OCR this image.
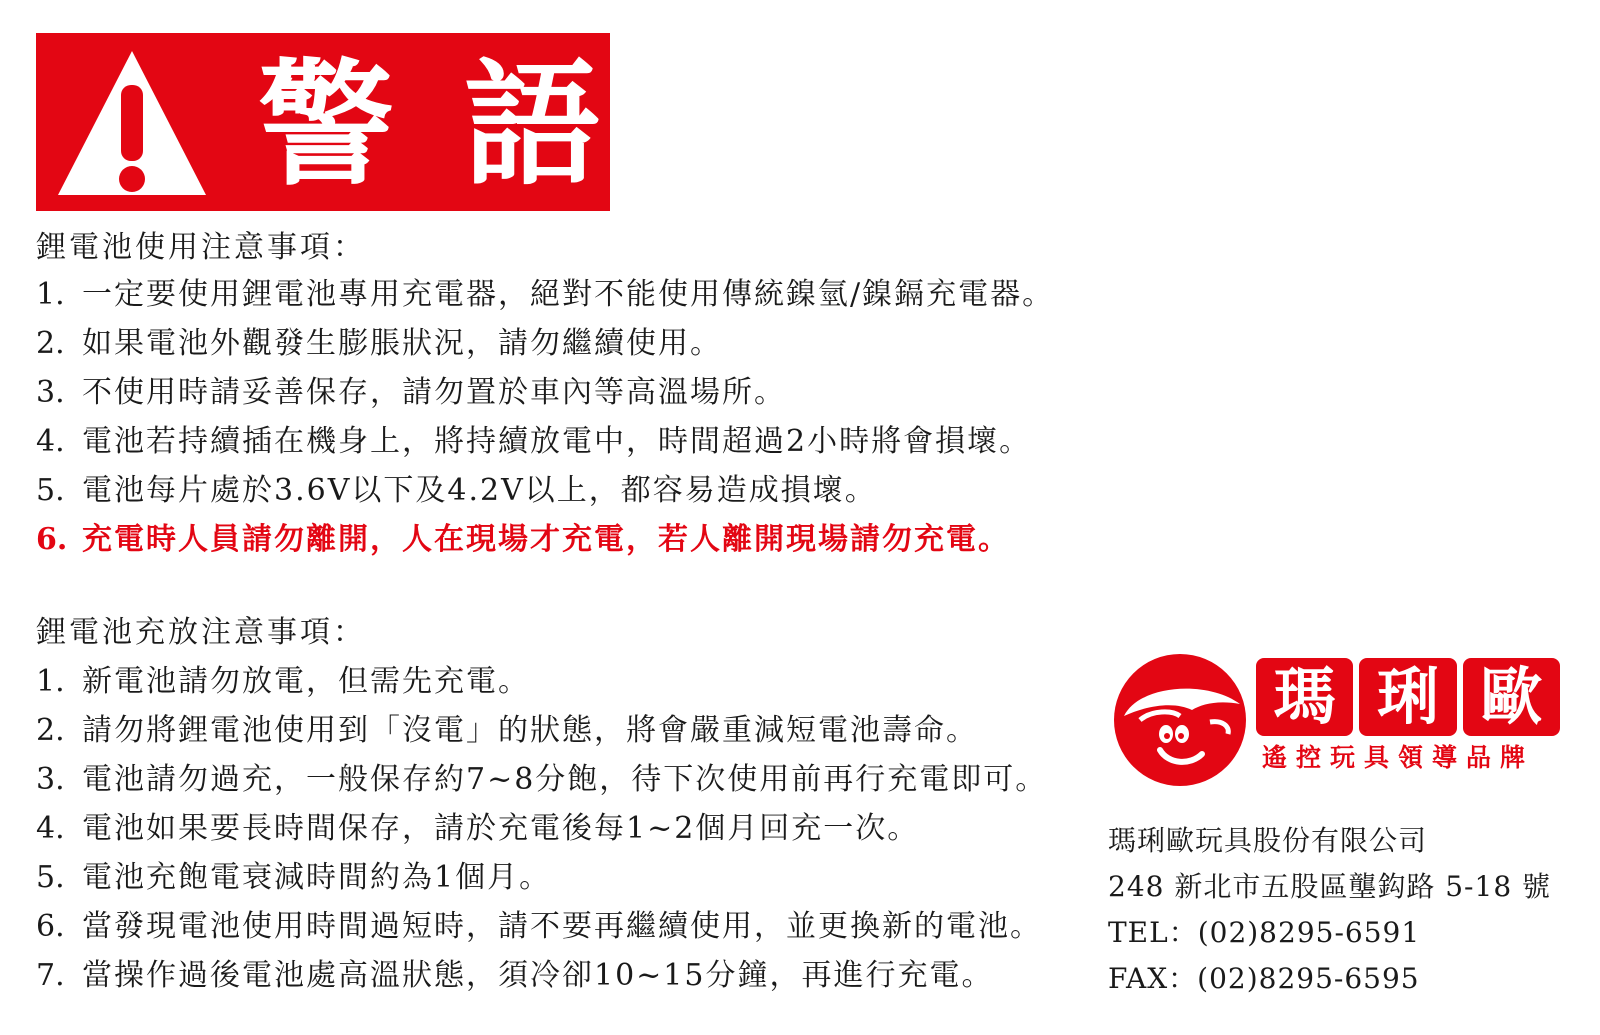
警語
鋰電池使用注意事項：
1. 一定要使用鋰電池專用充電器，絕對不能使用傳統鎳氫/鎳鎘充電器。
2. 如果電池外觀發生膨脹狀況，請勿繼續使用。
3. 不使用時請妥善保存，請勿置於車內等高溫場所。
4. 電池若持續插在機身上，將持續放電中，時間超過2小時將會損壞。
5. 電池每片處於3.6V以下及4.2V以上，都容易造成損壞。
6. 充電時人員請勿離開，人在現場才充電，若人離開現場請勿充電。
鋰電池充放注意事項：
1. 新電池請勿放電，但需先充電。
2. 請勿將鋰電池使用到「沒電」的狀態，將會嚴重減短電池壽命。
3. 電池請勿過充，一般保存約7~8分飽，待下次使用前再行充電即可。
4. 電池如果要長時間保存，請於充電後每1~2個月回充一次。
5. 電池充飽電衰減時間約為1個月。
6. 當發現電池使用時間過短時，請不要再繼續使用，並更換新的電池。
7. 當操作過後電池處高溫狀態，須冷卻10~15分鐘，再進行充電。
瑪 琍 歐
遙控玩具領導品牌
瑪琍歐玩具股份有限公司
248 新北市五股區壟鈎路 5-18 號
TEL：(02)8295-6591
FAX：(02)8295-6595
